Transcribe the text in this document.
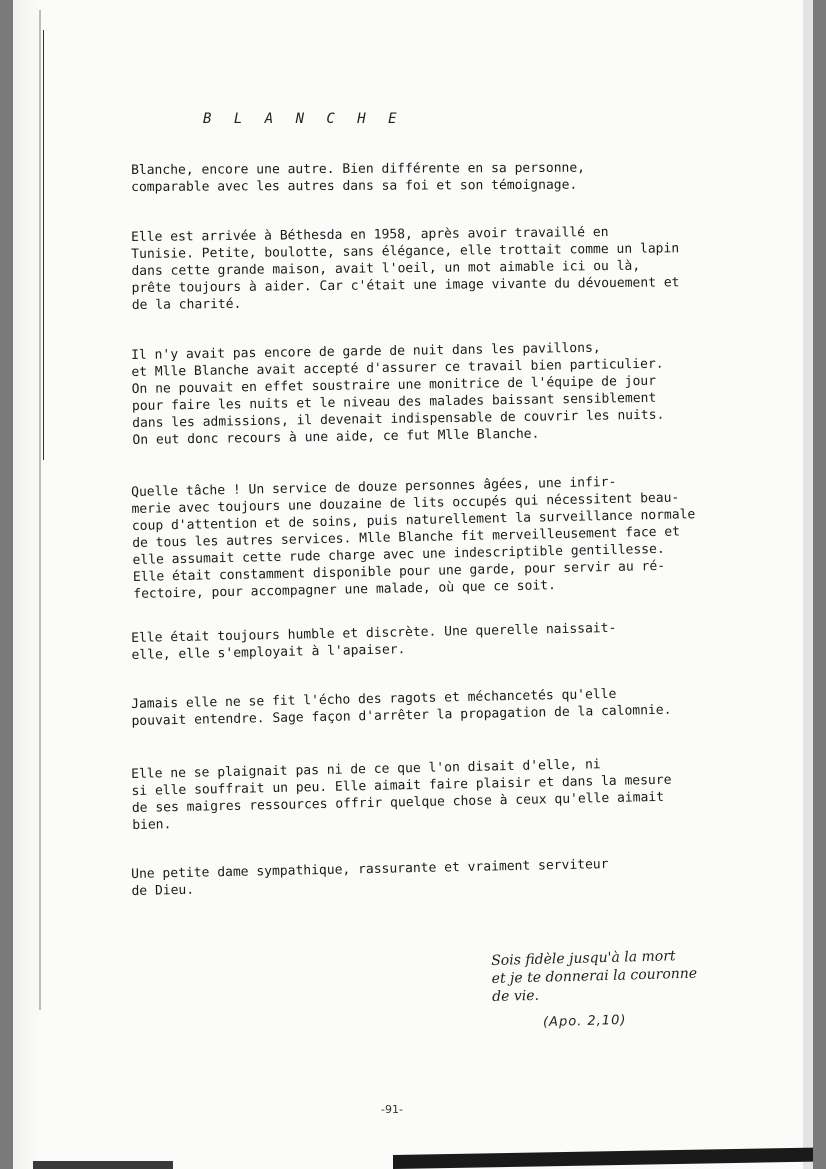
B L A N C H E

Blanche, encore une autre. Bien différente en sa personne,
comparable avec les autres dans sa foi et son témoignage.

Elle est arrivée à Béthesda en 1958, après avoir travaillé en
Tunisie. Petite, boulotte, sans élégance, elle trottait comme un lapin
dans cette grande maison, avait l'oeil, un mot aimable ici ou là,
prête toujours à aider. Car c'était une image vivante du dévouement et
de la charité.

Il n'y avait pas encore de garde de nuit dans les pavillons,
et Mlle Blanche avait accepté d'assurer ce travail bien particulier.
On ne pouvait en effet soustraire une monitrice de l'équipe de jour
pour faire les nuits et le niveau des malades baissant sensiblement
dans les admissions, il devenait indispensable de couvrir les nuits.
On eut donc recours à une aide, ce fut Mlle Blanche.

Quelle tâche ! Un service de douze personnes âgées, une infir-
merie avec toujours une douzaine de lits occupés qui nécessitent beau-
coup d'attention et de soins, puis naturellement la surveillance normale
de tous les autres services. Mlle Blanche fit merveilleusement face et
elle assumait cette rude charge avec une indescriptible gentillesse.
Elle était constamment disponible pour une garde, pour servir au ré-
fectoire, pour accompagner une malade, où que ce soit.

Elle était toujours humble et discrète. Une querelle naissait-
elle, elle s'employait à l'apaiser.

Jamais elle ne se fit l'écho des ragots et méchancetés qu'elle
pouvait entendre. Sage façon d'arrêter la propagation de la calomnie.

Elle ne se plaignait pas ni de ce que l'on disait d'elle, ni
si elle souffrait un peu. Elle aimait faire plaisir et dans la mesure
de ses maigres ressources offrir quelque chose à ceux qu'elle aimait
bien.

Une petite dame sympathique, rassurante et vraiment serviteur
de Dieu.

Sois fidèle jusqu'à la mort
et je te donnerai la couronne
de vie.
(Apo. 2,10)
-91-
